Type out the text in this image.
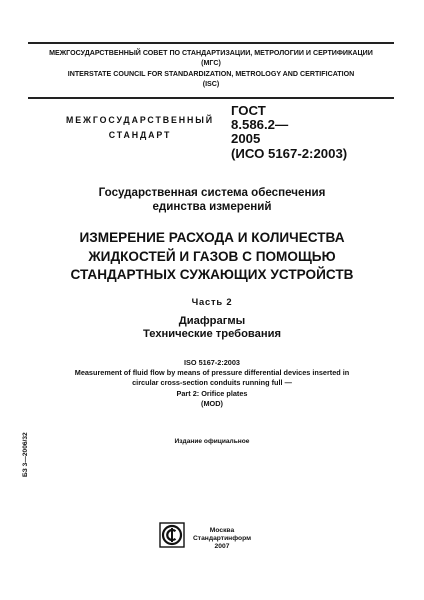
МЕЖГОСУДАРСТВЕННЫЙ СОВЕТ ПО СТАНДАРТИЗАЦИИ, МЕТРОЛОГИИ И СЕРТИФИКАЦИИ
(МГС)
INTERSTATE COUNCIL FOR STANDARDIZATION, METROLOGY AND CERTIFICATION
(ISC)
МЕЖГОСУДАРСТВЕННЫЙ
СТАНДАРТ
ГОСТ
8.586.2—
2005
(ИСО 5167-2:2003)
Государственная система обеспечения
единства измерений
ИЗМЕРЕНИЕ РАСХОДА И КОЛИЧЕСТВА
ЖИДКОСТЕЙ И ГАЗОВ С ПОМОЩЬЮ
СТАНДАРТНЫХ СУЖАЮЩИХ УСТРОЙСТВ
Часть 2
Диафрагмы
Технические требования
ISO 5167-2:2003
Measurement of fluid flow by means of pressure differential devices inserted in
circular cross-section conduits running full —
Part 2: Orifice plates
(MOD)
Издание официальное
БЗ 3—2006/32
Москва
Стандартинформ
2007
